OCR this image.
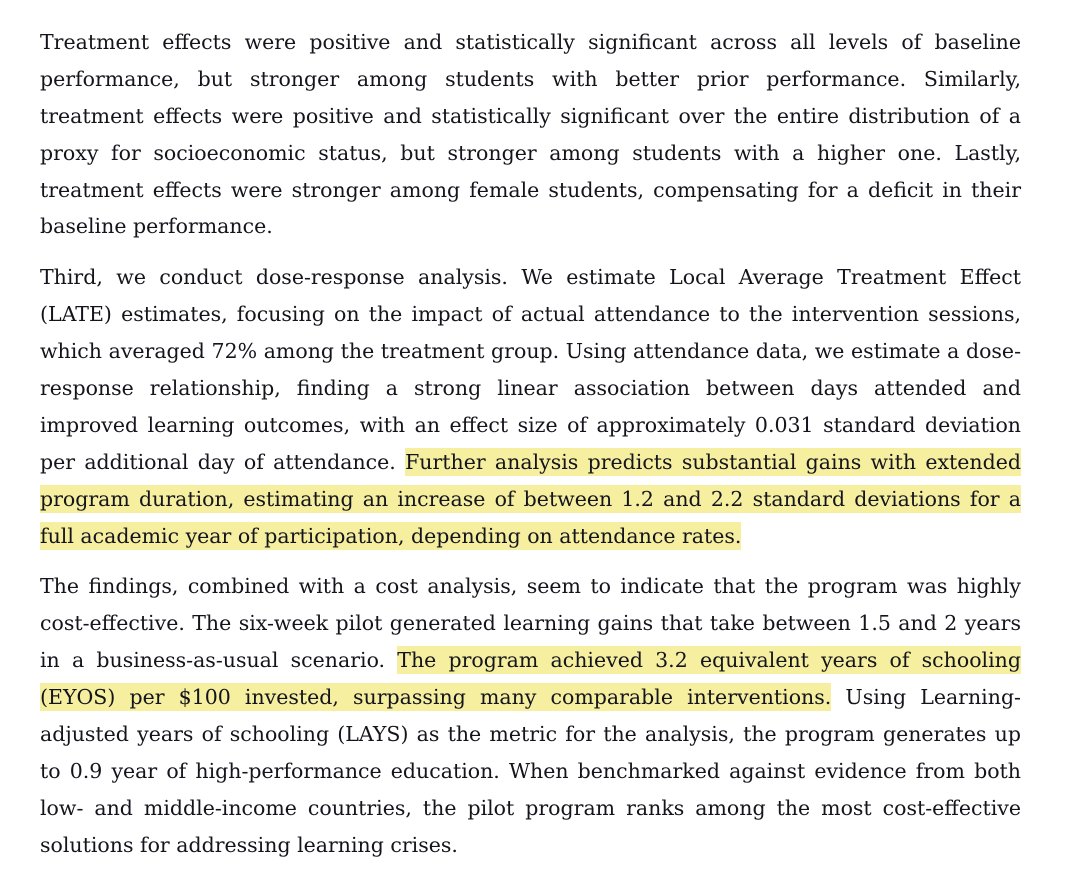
Treatment effects were positive and statistically significant across all levels of baseline performance, but stronger among students with better prior performance. Similarly, treatment effects were positive and statistically significant over the entire distribution of a proxy for socioeconomic status, but stronger among students with a higher one. Lastly, treatment effects were stronger among female students, compensating for a deficit in their baseline performance.

Third, we conduct dose-response analysis. We estimate Local Average Treatment Effect (LATE) estimates, focusing on the impact of actual attendance to the intervention sessions, which averaged 72% among the treatment group. Using attendance data, we estimate a dose-response relationship, finding a strong linear association between days attended and improved learning outcomes, with an effect size of approximately 0.031 standard deviation per additional day of attendance. Further analysis predicts substantial gains with extended program duration, estimating an increase of between 1.2 and 2.2 standard deviations for a full academic year of participation, depending on attendance rates.

The findings, combined with a cost analysis, seem to indicate that the program was highly cost-effective. The six-week pilot generated learning gains that take between 1.5 and 2 years in a business-as-usual scenario. The program achieved 3.2 equivalent years of schooling (EYOS) per $100 invested, surpassing many comparable interventions. Using Learning-adjusted years of schooling (LAYS) as the metric for the analysis, the program generates up to 0.9 year of high-performance education. When benchmarked against evidence from both low- and middle-income countries, the pilot program ranks among the most cost-effective solutions for addressing learning crises.
